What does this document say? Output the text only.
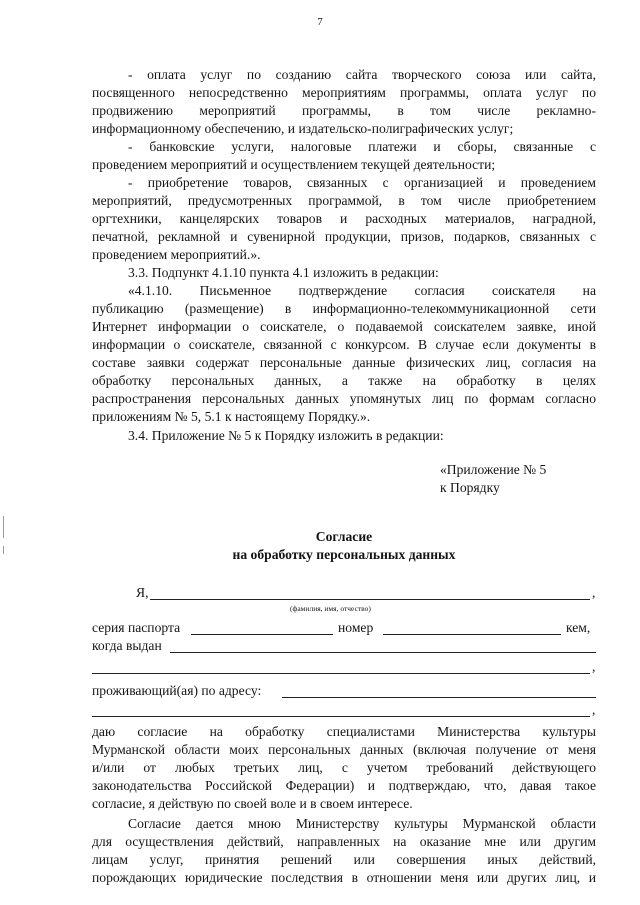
7
- оплата услуг по созданию сайта творческого союза или сайта,
посвященного непосредственно мероприятиям программы, оплата услуг по
продвижению мероприятий программы, в том числе рекламно-
информационному обеспечению, и издательско-полиграфических услуг;
- банковские услуги, налоговые платежи и сборы, связанные с
проведением мероприятий и осуществлением текущей деятельности;
- приобретение товаров, связанных с организацией и проведением
мероприятий, предусмотренных программой, в том числе приобретением
оргтехники, канцелярских товаров и расходных материалов, наградной,
печатной, рекламной и сувенирной продукции, призов, подарков, связанных с
проведением мероприятий.».
3.3. Подпункт 4.1.10 пункта 4.1 изложить в редакции:
«4.1.10. Письменное подтверждение согласия соискателя на
публикацию (размещение) в информационно-телекоммуникационной сети
Интернет информации о соискателе, о подаваемой соискателем заявке, иной
информации о соискателе, связанной с конкурсом. В случае если документы в
составе заявки содержат персональные данные физических лиц, согласия на
обработку персональных данных, а также на обработку в целях
распространения персональных данных упомянутых лиц по формам согласно
приложениям № 5, 5.1 к настоящему Порядку.».
3.4. Приложение № 5 к Порядку изложить в редакции:
«Приложение № 5
к Порядку
Согласие
на обработку персональных данных
Я,	,
(фамилия, имя, отчество)
серия паспорта	номер	кем,
когда выдан
,
проживающий(ая) по адресу:
,
даю согласие на обработку специалистами Министерства культуры
Мурманской области моих персональных данных (включая получение от меня
и/или от любых третьих лиц, с учетом требований действующего
законодательства Российской Федерации) и подтверждаю, что, давая такое
согласие, я действую по своей воле и в своем интересе.
Согласие дается мною Министерству культуры Мурманской области
для осуществления действий, направленных на оказание мне или другим
лицам услуг, принятия решений или совершения иных действий,
порождающих юридические последствия в отношении меня или других лиц, и
